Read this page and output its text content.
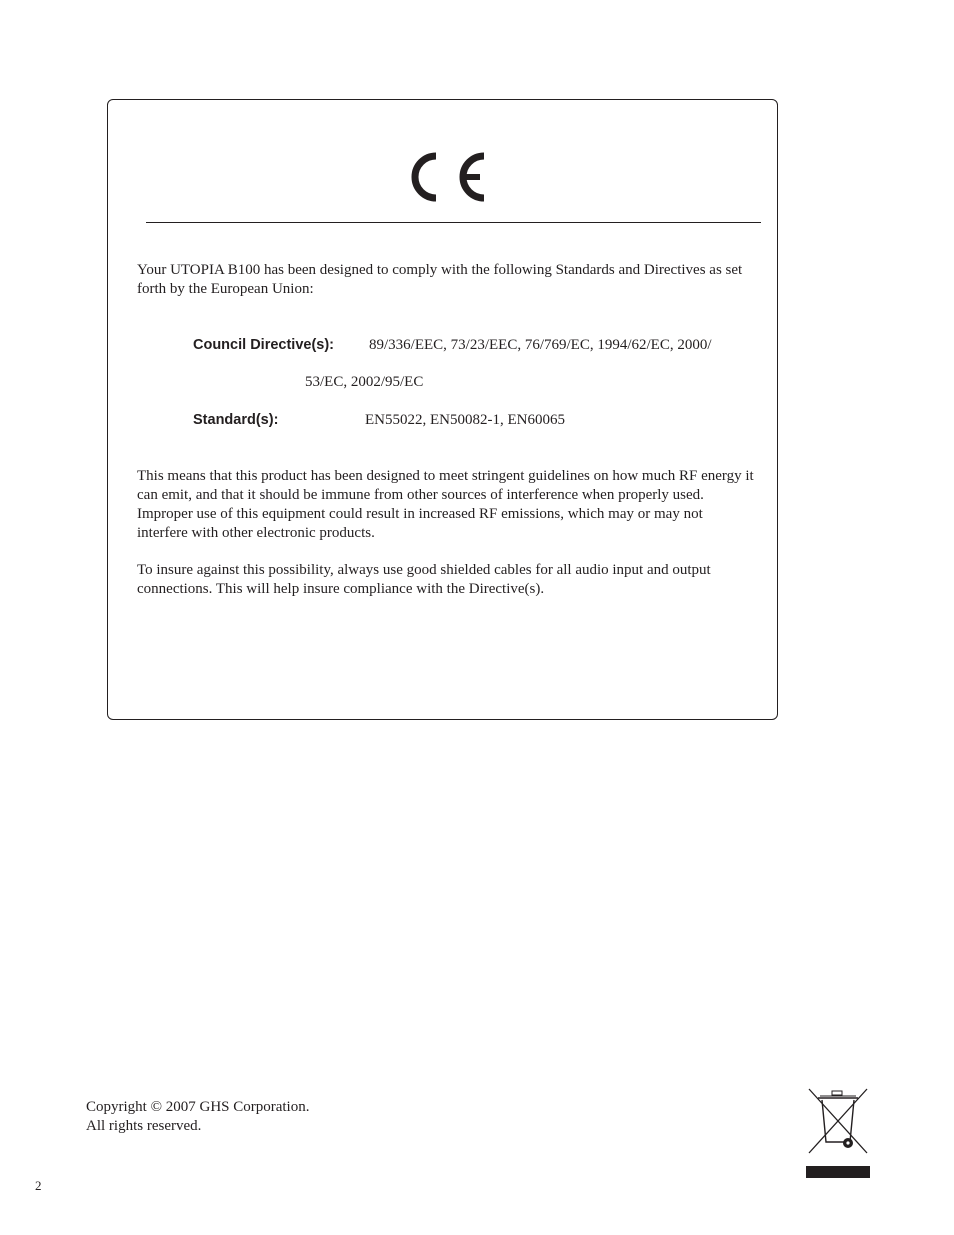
Your UTOPIA B100 has been designed to comply with the following Standards and Directives as set forth by the European Union:

Council Directive(s): 89/336/EEC, 73/23/EEC, 76/769/EC, 1994/62/EC, 2000/
53/EC, 2002/95/EC
Standard(s):	EN55022, EN50082-1, EN60065

This means that this product has been designed to meet stringent guidelines on how much RF energy it can emit, and that it should be immune from other sources of interference when properly used. Improper use of this equipment could result in increased RF emissions, which may or may not interfere with other electronic products.

To insure against this possibility, always use good shielded cables for all audio input and output connections. This will help insure compliance with the Directive(s).

Copyright © 2007 GHS Corporation.
All rights reserved.
2
